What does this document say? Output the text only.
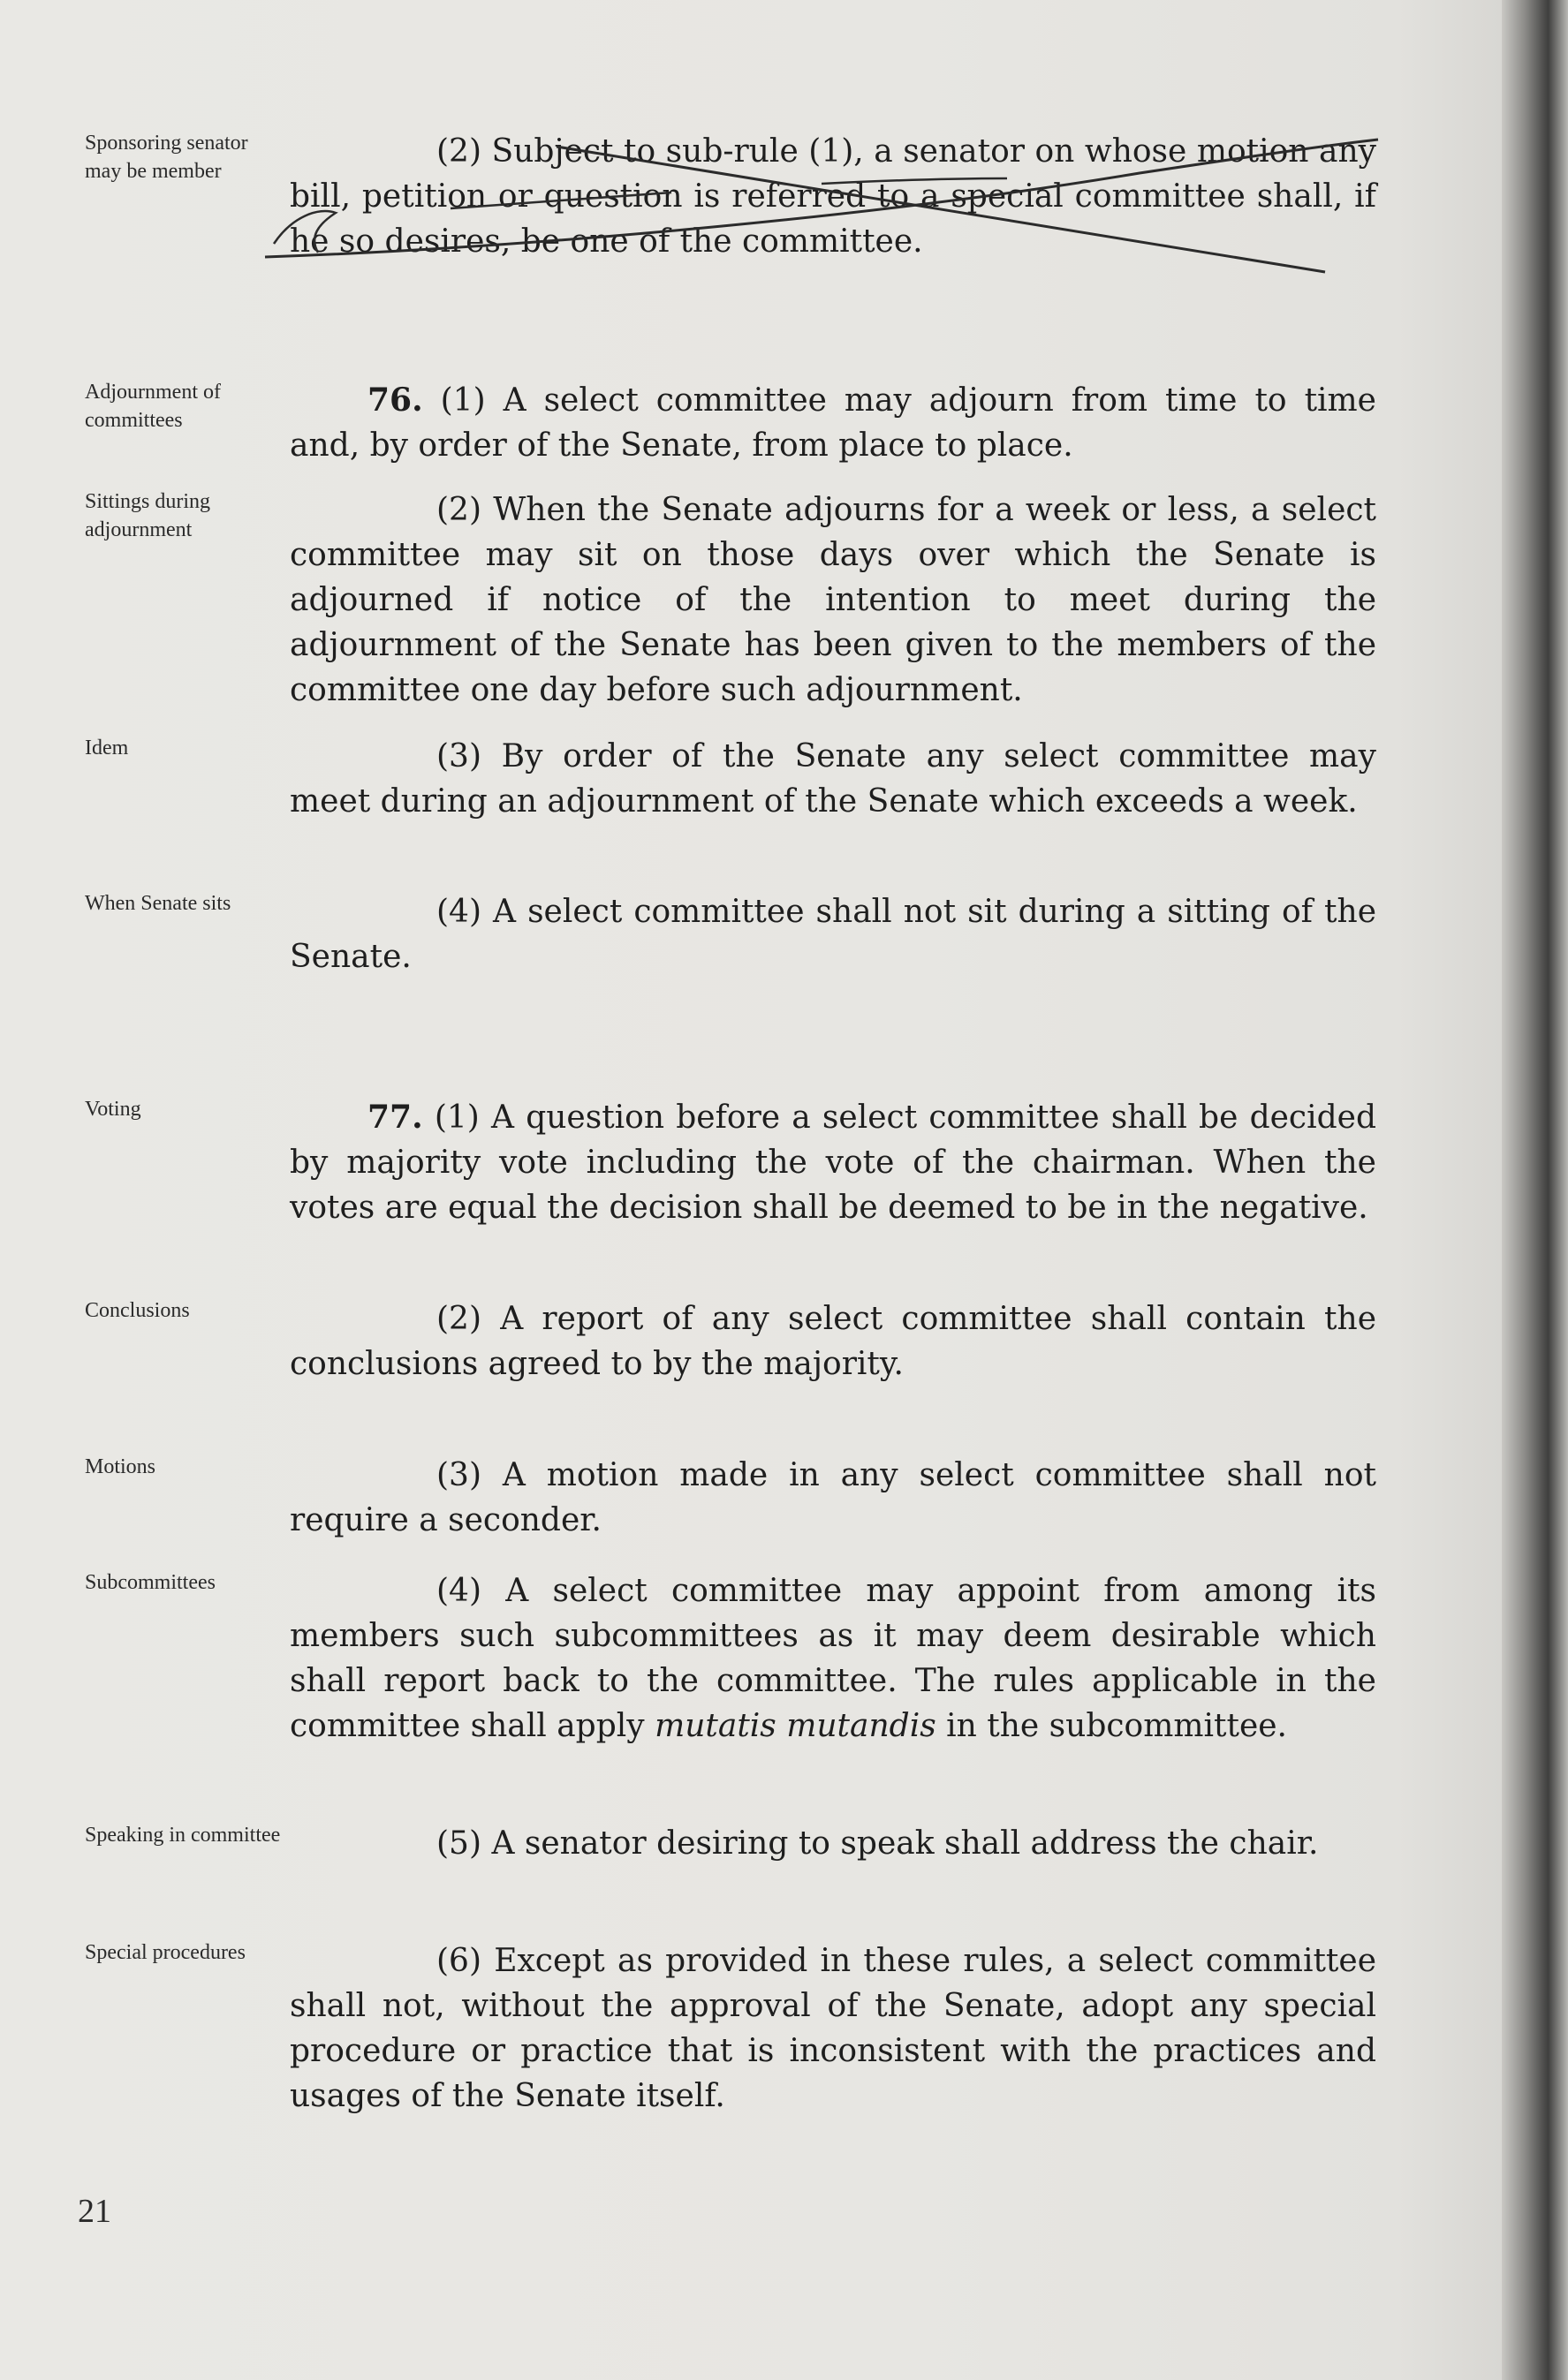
Sponsoring senator may be member
Adjournment of committees
Sittings during adjournment
Idem
When Senate sits
Voting
Conclusions
Motions
Subcommittees
Speaking in committee
Special procedures
(2) Subject to sub-rule (1), a senator on whose motion any bill, petition or question is referred to a special committee shall, if he so desires, be one of the committee.
76. (1) A select committee may adjourn from time to time and, by order of the Senate, from place to place.
(2) When the Senate adjourns for a week or less, a select committee may sit on those days over which the Senate is adjourned if notice of the intention to meet during the adjournment of the Senate has been given to the members of the committee one day before such adjournment.
(3) By order of the Senate any select committee may meet during an adjournment of the Senate which exceeds a week.
(4) A select committee shall not sit during a sitting of the Senate.
77. (1) A question before a select committee shall be decided by majority vote including the vote of the chairman. When the votes are equal the decision shall be deemed to be in the negative.
(2) A report of any select committee shall contain the conclusions agreed to by the majority.
(3) A motion made in any select committee shall not require a seconder.
(4) A select committee may appoint from among its members such subcommittees as it may deem desirable which shall report back to the committee. The rules applicable in the committee shall apply mutatis mutandis in the subcommittee.
(5) A senator desiring to speak shall address the chair.
(6) Except as provided in these rules, a select committee shall not, without the approval of the Senate, adopt any special procedure or practice that is inconsistent with the practices and usages of the Senate itself.
21
